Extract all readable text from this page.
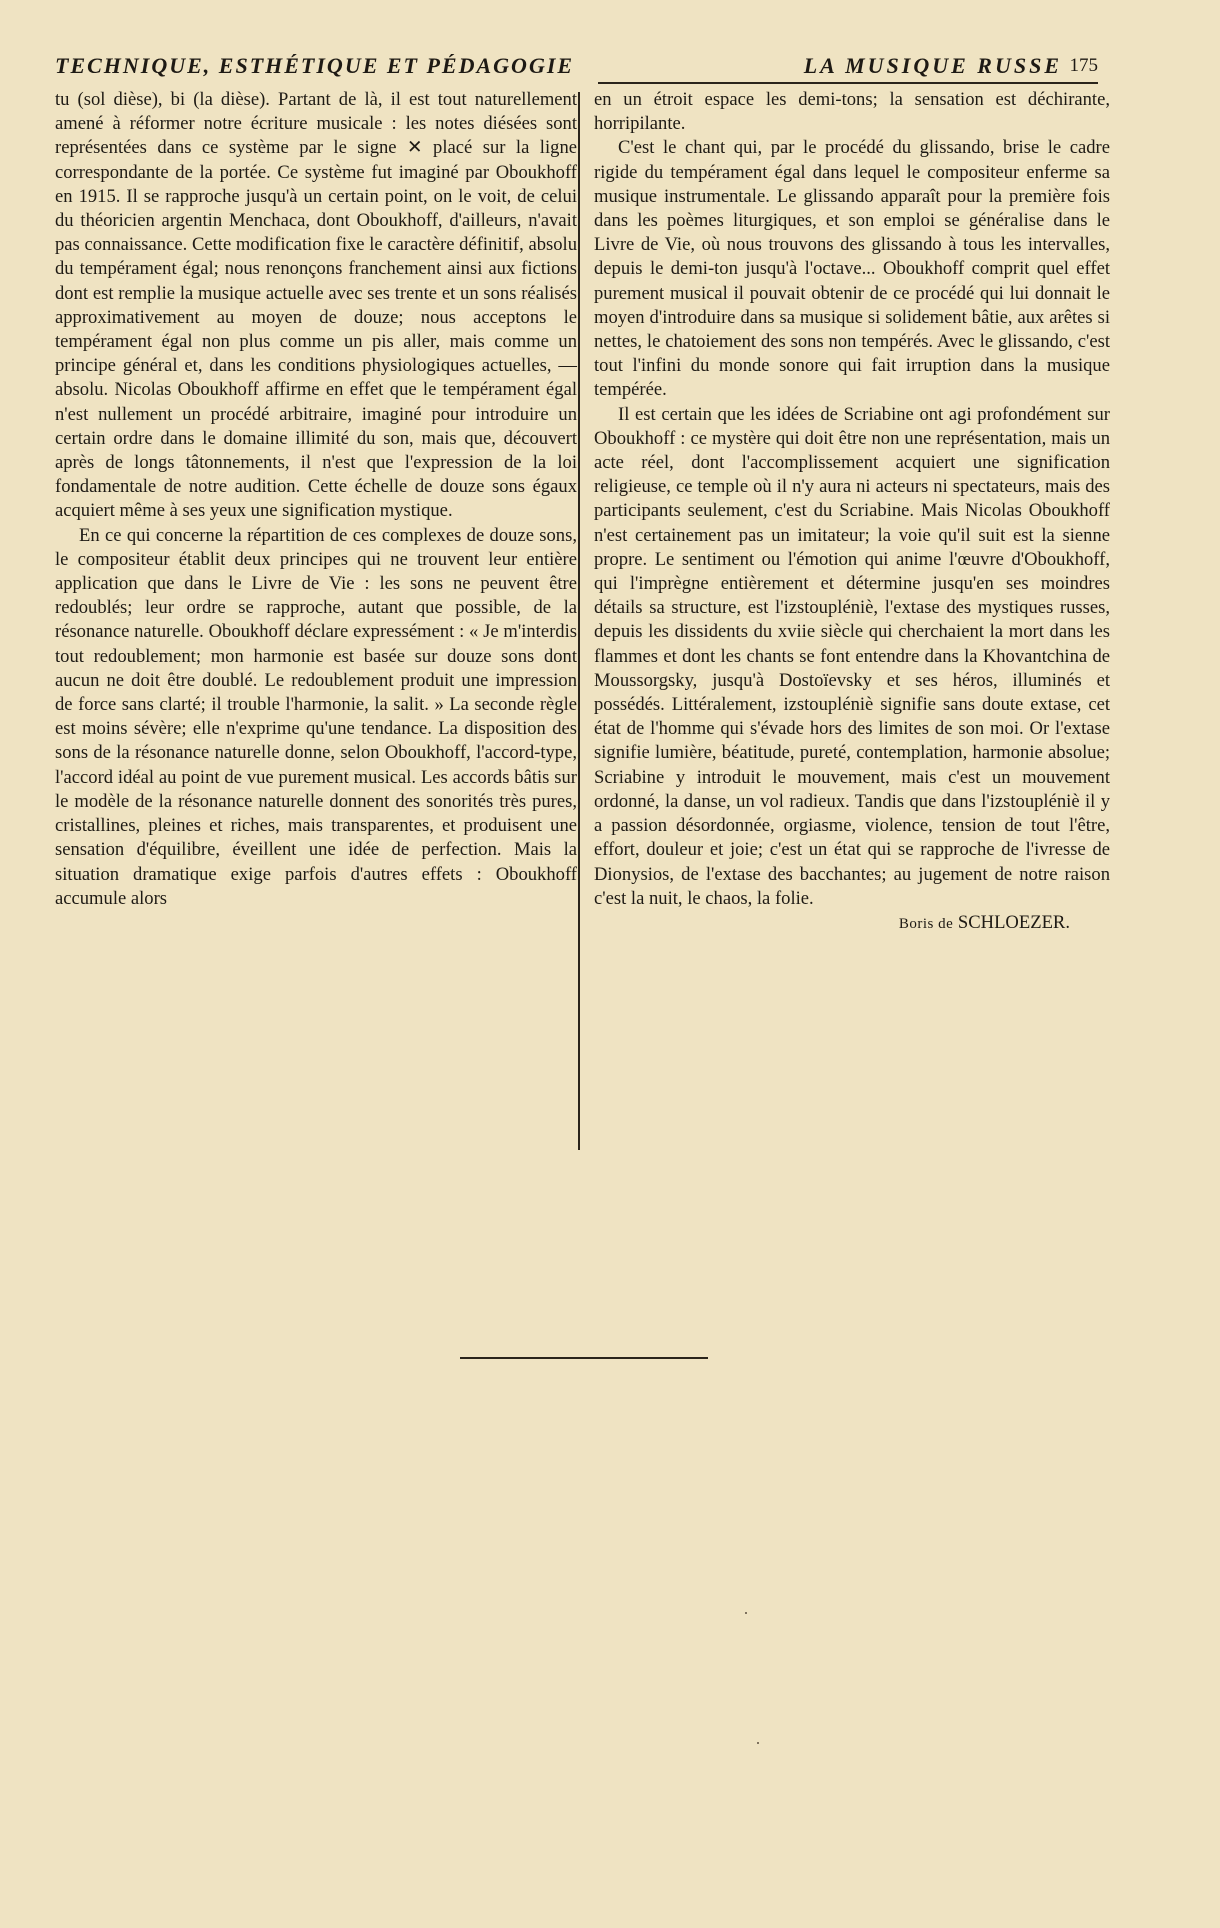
TECHNIQUE, ESTHÉTIQUE ET PÉDAGOGIE	LA MUSIQUE RUSSE 175

tu (sol dièse), bi (la dièse). Partant de là, il est tout naturellement amené à réformer notre écriture musicale : les notes diésées sont représentées dans ce système par le signe ✕ placé sur la ligne correspondante de la portée. Ce système fut imaginé par Oboukhoff en 1915. Il se rapproche jusqu'à un certain point, on le voit, de celui du théoricien argentin Menchaca, dont Oboukhoff, d'ailleurs, n'avait pas connaissance. Cette modification fixe le caractère définitif, absolu du tempérament égal; nous renonçons franchement ainsi aux fictions dont est remplie la musique actuelle avec ses trente et un sons réalisés approximativement au moyen de douze; nous acceptons le tempérament égal non plus comme un pis aller, mais comme un principe général et, dans les conditions physiologiques actuelles, — absolu. Nicolas Oboukhoff affirme en effet que le tempérament égal n'est nullement un procédé arbitraire, imaginé pour introduire un certain ordre dans le domaine illimité du son, mais que, découvert après de longs tâtonnements, il n'est que l'expression de la loi fondamentale de notre audition. Cette échelle de douze sons égaux acquiert même à ses yeux une signification mystique.

En ce qui concerne la répartition de ces complexes de douze sons, le compositeur établit deux principes qui ne trouvent leur entière application que dans le Livre de Vie : les sons ne peuvent être redoublés; leur ordre se rapproche, autant que possible, de la résonance naturelle. Oboukhoff déclare expressément : « Je m'interdis tout redoublement; mon harmonie est basée sur douze sons dont aucun ne doit être doublé. Le redoublement produit une impression de force sans clarté; il trouble l'harmonie, la salit. » La seconde règle est moins sévère; elle n'exprime qu'une tendance. La disposition des sons de la résonance naturelle donne, selon Oboukhoff, l'accord-type, l'accord idéal au point de vue purement musical. Les accords bâtis sur le modèle de la résonance naturelle donnent des sonorités très pures, cristallines, pleines et riches, mais transparentes, et produisent une sensation d'équilibre, éveillent une idée de perfection. Mais la situation dramatique exige parfois d'autres effets : Oboukhoff accumule alors

en un étroit espace les demi-tons; la sensation est déchirante, horripilante.

C'est le chant qui, par le procédé du glissando, brise le cadre rigide du tempérament égal dans lequel le compositeur enferme sa musique instrumentale. Le glissando apparaît pour la première fois dans les poèmes liturgiques, et son emploi se généralise dans le Livre de Vie, où nous trouvons des glissando à tous les intervalles, depuis le demi-ton jusqu'à l'octave... Oboukhoff comprit quel effet purement musical il pouvait obtenir de ce procédé qui lui donnait le moyen d'introduire dans sa musique si solidement bâtie, aux arêtes si nettes, le chatoiement des sons non tempérés. Avec le glissando, c'est tout l'infini du monde sonore qui fait irruption dans la musique tempérée.

Il est certain que les idées de Scriabine ont agi profondément sur Oboukhoff : ce mystère qui doit être non une représentation, mais un acte réel, dont l'accomplissement acquiert une signification religieuse, ce temple où il n'y aura ni acteurs ni spectateurs, mais des participants seulement, c'est du Scriabine. Mais Nicolas Oboukhoff n'est certainement pas un imitateur; la voie qu'il suit est la sienne propre. Le sentiment ou l'émotion qui anime l'œuvre d'Oboukhoff, qui l'imprègne entièrement et détermine jusqu'en ses moindres détails sa structure, est l'izstoupléniè, l'extase des mystiques russes, depuis les dissidents du xviie siècle qui cherchaient la mort dans les flammes et dont les chants se font entendre dans la Khovantchina de Moussorgsky, jusqu'à Dostoïevsky et ses héros, illuminés et possédés. Littéralement, izstoupléniè signifie sans doute extase, cet état de l'homme qui s'évade hors des limites de son moi. Or l'extase signifie lumière, béatitude, pureté, contemplation, harmonie absolue; Scriabine y introduit le mouvement, mais c'est un mouvement ordonné, la danse, un vol radieux. Tandis que dans l'izstoupléniè il y a passion désordonnée, orgiasme, violence, tension de tout l'être, effort, douleur et joie; c'est un état qui se rapproche de l'ivresse de Dionysios, de l'extase des bacchantes; au jugement de notre raison c'est la nuit, le chaos, la folie.

Boris de SCHLOEZER.
